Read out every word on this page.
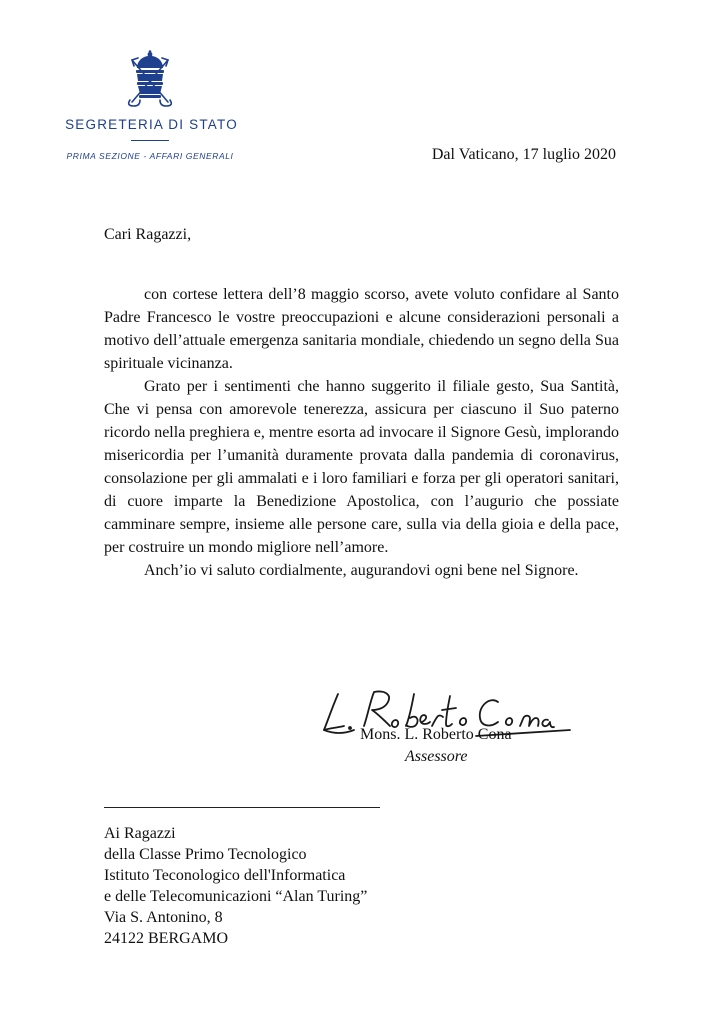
SEGRETERIA DI STATO
PRIMA SEZIONE - AFFARI GENERALI	Dal Vaticano, 17 luglio 2020
Cari Ragazzi,

con cortese lettera dell’8 maggio scorso, avete voluto confidare al Santo Padre Francesco le vostre preoccupazioni e alcune considerazioni personali a motivo dell’attuale emergenza sanitaria mondiale, chiedendo un segno della Sua spirituale vicinanza.

Grato per i sentimenti che hanno suggerito il filiale gesto, Sua Santità, Che vi pensa con amorevole tenerezza, assicura per ciascuno il Suo paterno ricordo nella preghiera e, mentre esorta ad invocare il Signore Gesù, implorando misericordia per l’umanità duramente provata dalla pandemia di coronavirus, consolazione per gli ammalati e i loro familiari e forza per gli operatori sanitari, di cuore imparte la Benedizione Apostolica, con l’augurio che possiate camminare sempre, insieme alle persone care, sulla via della gioia e della pace, per costruire un mondo migliore nell’amore.

Anch’io vi saluto cordialmente, augurandovi ogni bene nel Signore.

Mons. L. Roberto Cona
Assessore
Ai Ragazzi
della Classe Primo Tecnologico
Istituto Teconologico dell'Informatica
e delle Telecomunicazioni “Alan Turing”
Via S. Antonino, 8
24122 BERGAMO
